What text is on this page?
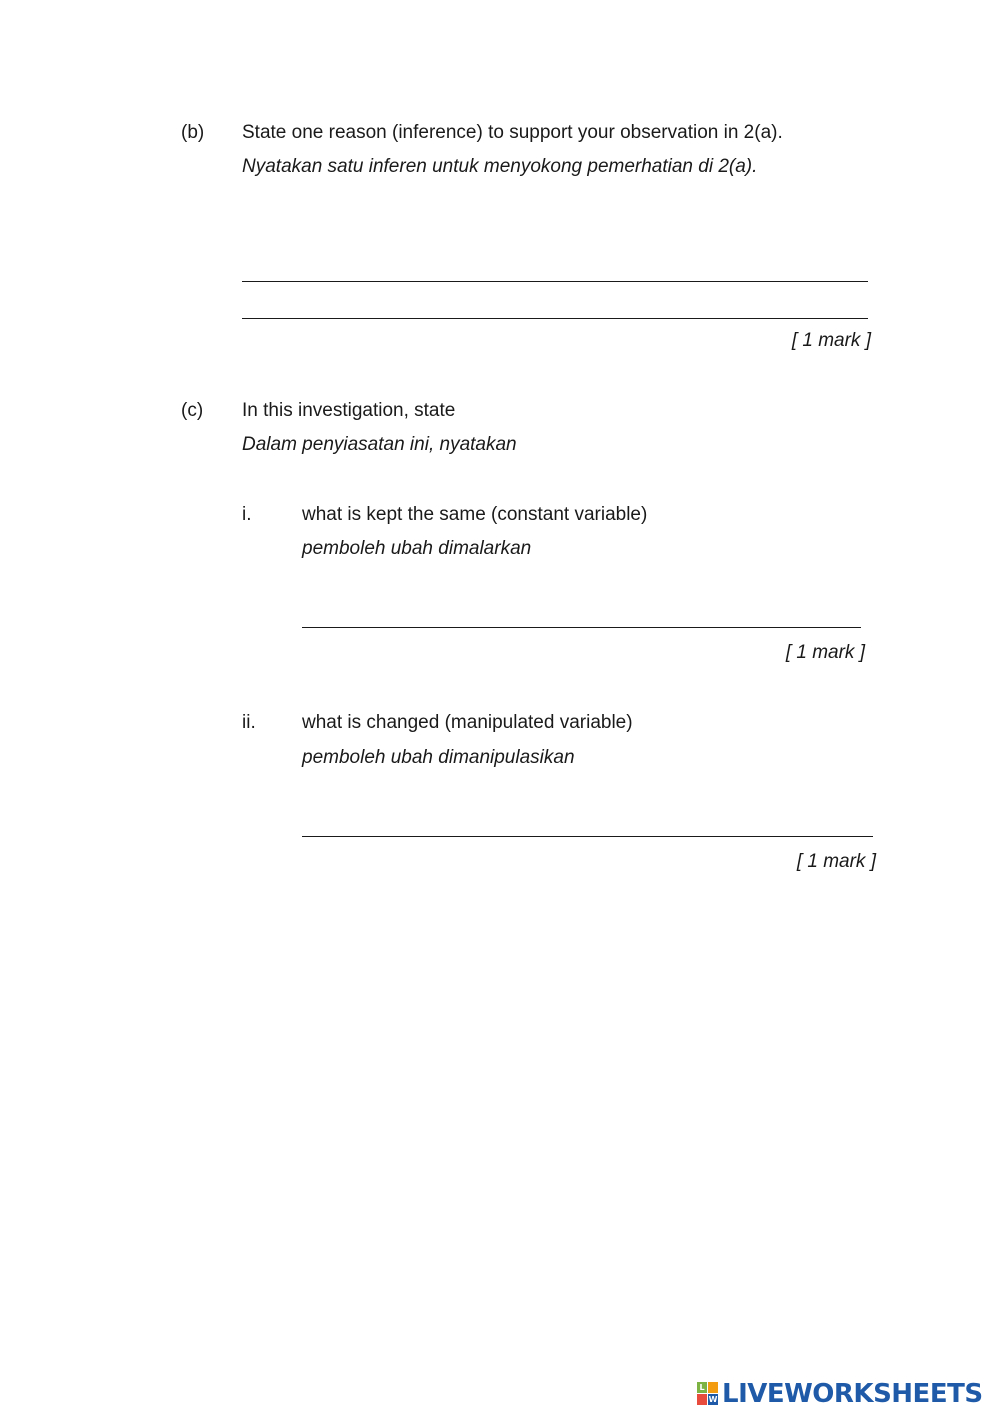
(b) State one reason (inference) to support your observation in 2(a).
Nyatakan satu inferen untuk menyokong pemerhatian di 2(a).
[ 1 mark ]
(c) In this investigation, state
Dalam penyiasatan ini, nyatakan
i.	what is kept the same (constant variable)
pemboleh ubah dimalarkan
[ 1 mark ]
ii. what is changed (manipulated variable)
pemboleh ubah dimanipulasikan
[ 1 mark ]
L
W LIVEWORKSHEETS
